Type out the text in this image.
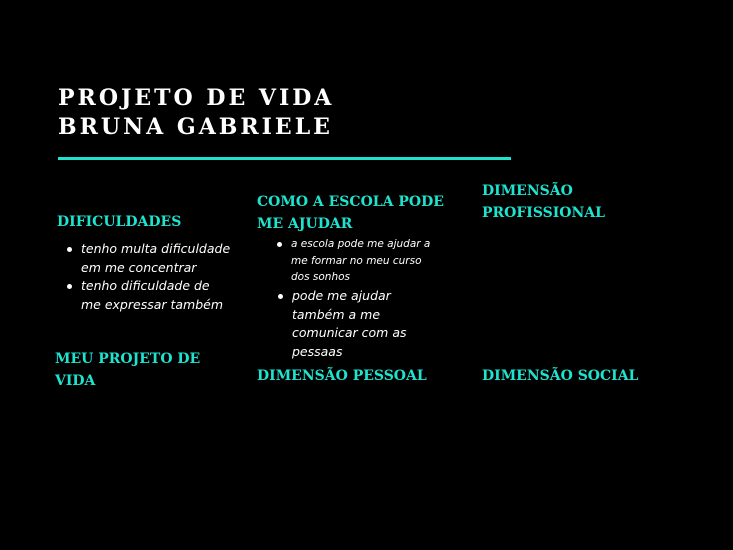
PROJETO DE VIDA
BRUNA GABRIELE
DIFICULDADES
tenho multa dificuldade
em me concentrar
tenho dificuldade de
me expressar também
MEU PROJETO DE
VIDA
COMO A ESCOLA PODE
ME AJUDAR
a escola pode me ajudar a
me formar no meu curso
dos sonhos
pode me ajudar
também a me
comunicar com as
pessaas
DIMENSÃO PESSOAL
DIMENSÃO
PROFISSIONAL
DIMENSÃO SOCIAL
